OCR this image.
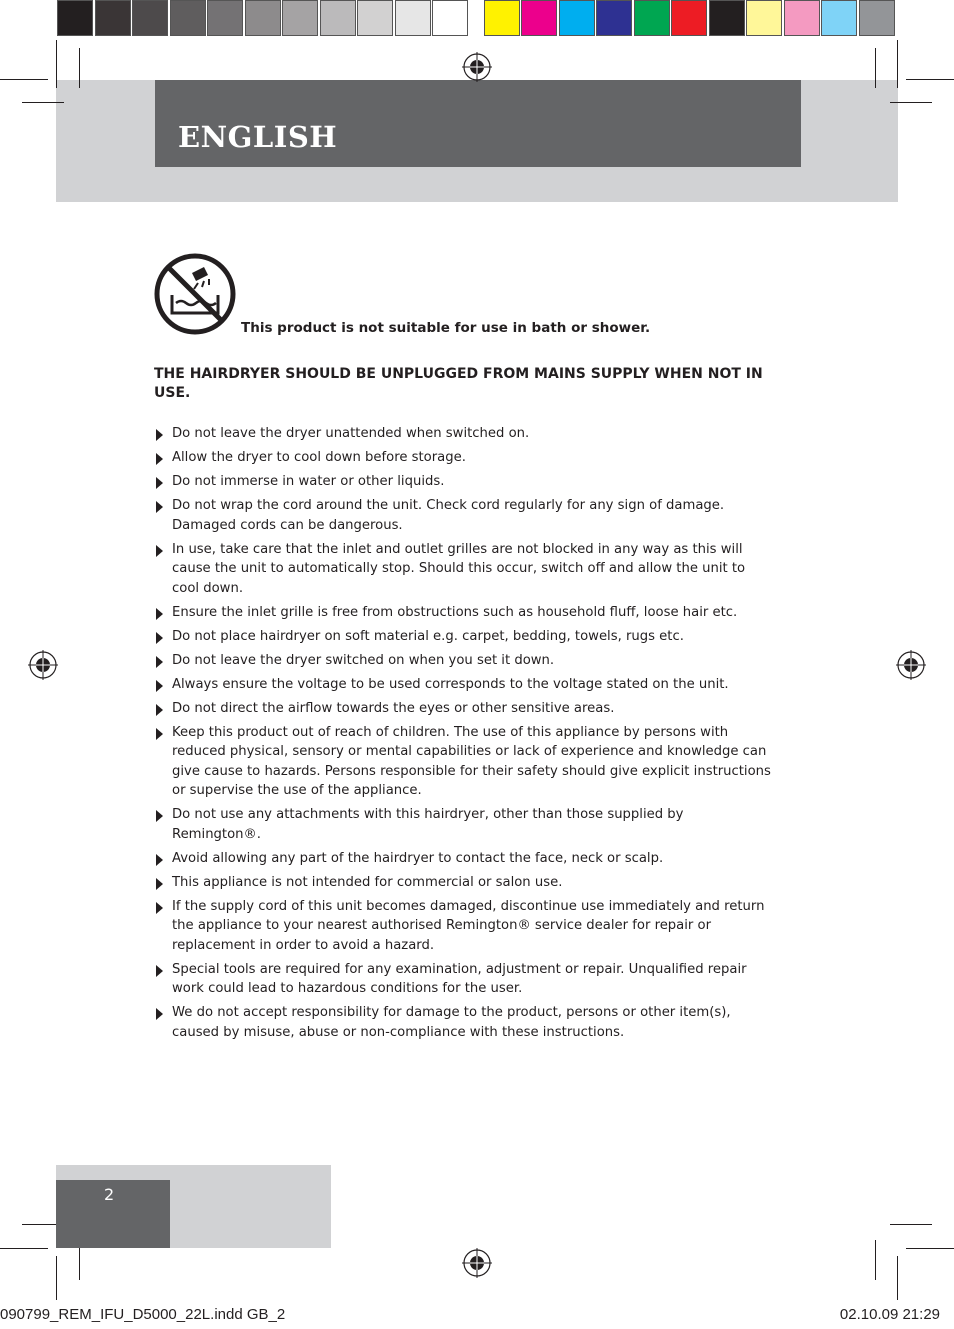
ENGLISH
This product is not suitable for use in bath or shower.
THE HAIRDRYER SHOULD BE UNPLUGGED FROM MAINS SUPPLY WHEN NOT IN USE.
Do not leave the dryer unattended when switched on.
Allow the dryer to cool down before storage.
Do not immerse in water or other liquids.
Do not wrap the cord around the unit. Check cord regularly for any sign of damage. Damaged cords can be dangerous.
In use, take care that the inlet and outlet grilles are not blocked in any way as this will cause the unit to automatically stop. Should this occur, switch off and allow the unit to cool down.
Ensure the inlet grille is free from obstructions such as household fluff, loose hair etc.
Do not place hairdryer on soft material e.g. carpet, bedding, towels, rugs etc.
Do not leave the dryer switched on when you set it down.
Always ensure the voltage to be used corresponds to the voltage stated on the unit.
Do not direct the airflow towards the eyes or other sensitive areas.
Keep this product out of reach of children. The use of this appliance by persons with reduced physical, sensory or mental capabilities or lack of experience and knowledge can give cause to hazards. Persons responsible for their safety should give explicit instructions or supervise the use of the appliance.
Do not use any attachments with this hairdryer, other than those supplied by Remington®.
Avoid allowing any part of the hairdryer to contact the face, neck or scalp.
This appliance is not intended for commercial or salon use.
If the supply cord of this unit becomes damaged, discontinue use immediately and return the appliance to your nearest authorised Remington® service dealer for repair or replacement in order to avoid a hazard.
Special tools are required for any examination, adjustment or repair. Unqualified repair work could lead to hazardous conditions for the user.
We do not accept responsibility for damage to the product, persons or other item(s), caused by misuse, abuse or non-compliance with these instructions.
2
090799_REM_IFU_D5000_22L.indd GB_2	02.10.09 21:29
